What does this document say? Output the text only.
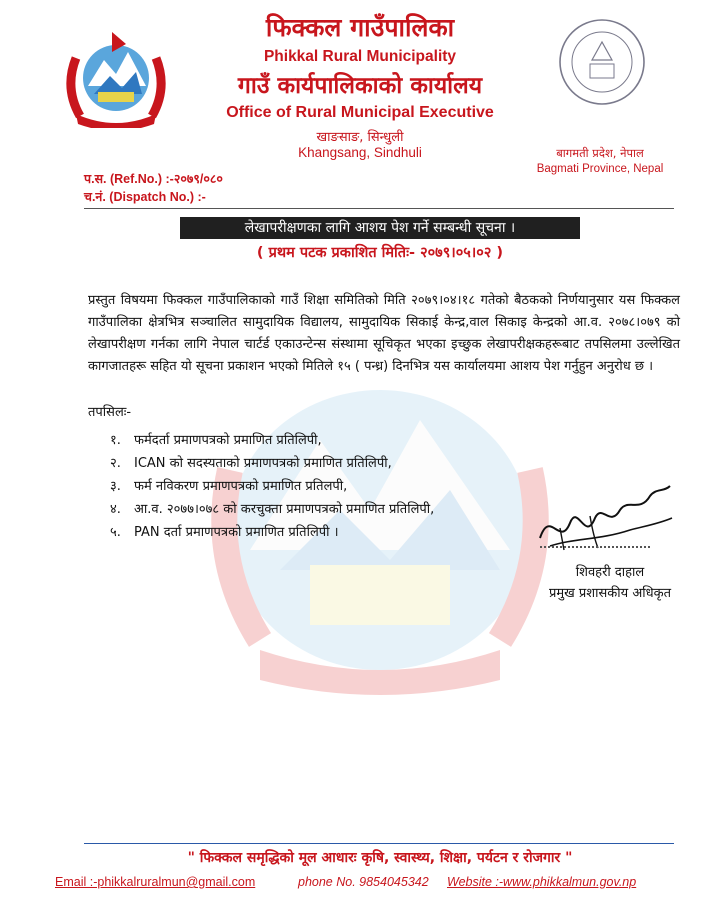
फिक्कल गाउँपालिका
Phikkal Rural Municipality
गाउँ कार्यपालिकाको कार्यालय
Office of Rural Municipal Executive
खाङसाङ, सिन्धुली
Khangsang, Sindhuli	बागमती प्रदेश, नेपाल
Bagmati Province, Nepal
प.स. (Ref.No.) :-२०७९/०८०
च.नं. (Dispatch No.) :-
लेखापरीक्षणका लागि आशय पेश गर्ने सम्बन्धी सूचना ।
( प्रथम पटक प्रकाशित मितिः- २०७९।०५।०२ )
प्रस्तुत विषयमा फिक्कल गाउँपालिकाको गाउँ शिक्षा समितिको मिति २०७९।०४।१८ गतेको बैठकको निर्णयानुसार यस फिक्कल गाउँपालिका क्षेत्रभित्र सञ्चालित सामुदायिक विद्यालय, सामुदायिक सिकाई केन्द्र,वाल सिकाइ केन्द्रको आ.व. २०७८।०७९ को लेखापरीक्षण गर्नका लागि नेपाल चार्टर्ड एकाउन्टेन्स संस्थामा सूचिकृत भएका इच्छुक लेखापरीक्षकहरूबाट तपसिलमा उल्लेखित कागजातहरू सहित यो सूचना प्रकाशन भएको मितिले १५ ( पन्ध्र) दिनभित्र यस कार्यालयमा आशय पेश गर्नुहुन अनुरोध छ ।
तपसिलः-
१. फर्मदर्ता प्रमाणपत्रको प्रमाणित प्रतिलिपी,
२. ICAN को सदस्यताको प्रमाणपत्रको प्रमाणित प्रतिलिपी,
३. फर्म नविकरण प्रमाणपत्रको प्रमाणित प्रतिलपी,
४. आ.व. २०७७।०७८ को करचुक्ता प्रमाणपत्रको प्रमाणित प्रतिलिपी,
५. PAN दर्ता प्रमाणपत्रको प्रमाणित प्रतिलिपी ।
शिवहरी दाहाल
प्रमुख प्रशासकीय अधिकृत
" फिक्कल समृद्धिको मूल आधारः कृषि, स्वास्थ्य, शिक्षा, पर्यटन र रोजगार "
Email :-phikkalruralmun@gmail.com	phone No. 9854045342 Website :-www.phikkalmun.gov.np
